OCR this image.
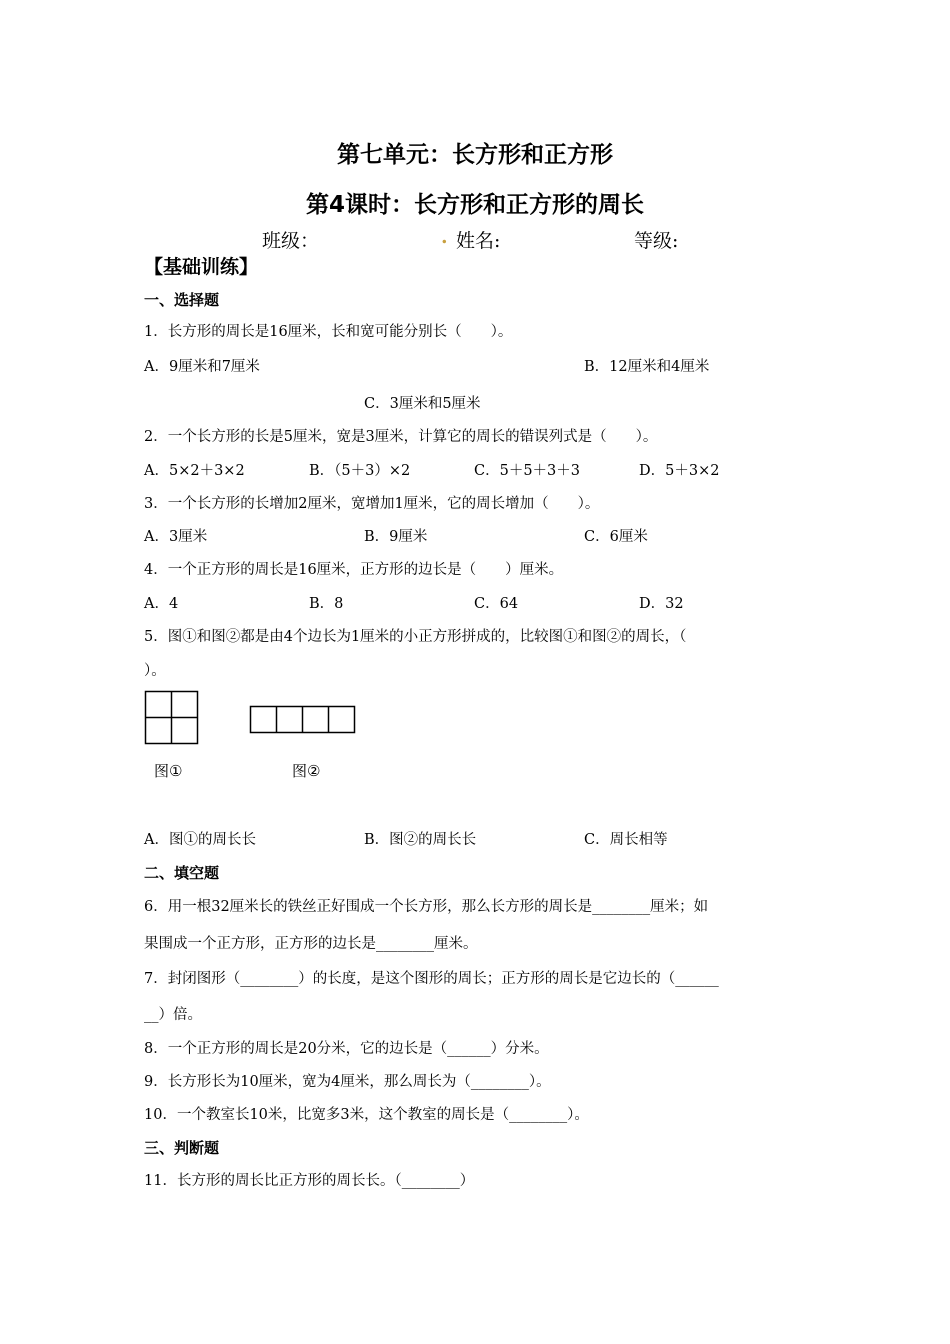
第七单元：长方形和正方形
第4课时：长方形和正方形的周长
班级：	. 姓名:	等级:
【基础训练】
一、选择题
1．长方形的周长是16厘米，长和宽可能分别长（　　）。
A．9厘米和7厘米	B．12厘米和4厘米
C．3厘米和5厘米
2．一个长方形的长是5厘米，宽是3厘米，计算它的周长的错误列式是（　　）。
A．5×2＋3×2	B．（5＋3）×2	C．5＋5＋3＋3	D．5＋3×2
3．一个长方形的长增加2厘米，宽增加1厘米，它的周长增加（　　）。
A．3厘米	B．9厘米	C．6厘米
4．一个正方形的周长是16厘米，正方形的边长是（　　）厘米。
A．4	B．8	C．64	D．32
5．图①和图②都是由4个边长为1厘米的小正方形拼成的，比较图①和图②的周长，（
）。
图①	图②
A．图①的周长长	B．图②的周长长	C．周长相等
二、填空题
6．用一根32厘米长的铁丝正好围成一个长方形，那么长方形的周长是________厘米；如
果围成一个正方形，正方形的边长是________厘米。
7．封闭图形（________）的长度，是这个图形的周长；正方形的周长是它边长的（______
__）倍。
8．一个正方形的周长是20分米，它的边长是（______）分米。
9．长方形长为10厘米，宽为4厘米，那么周长为（________）。
10．一个教室长10米，比宽多3米，这个教室的周长是（________）。
三、判断题
11．长方形的周长比正方形的周长长。（________）
